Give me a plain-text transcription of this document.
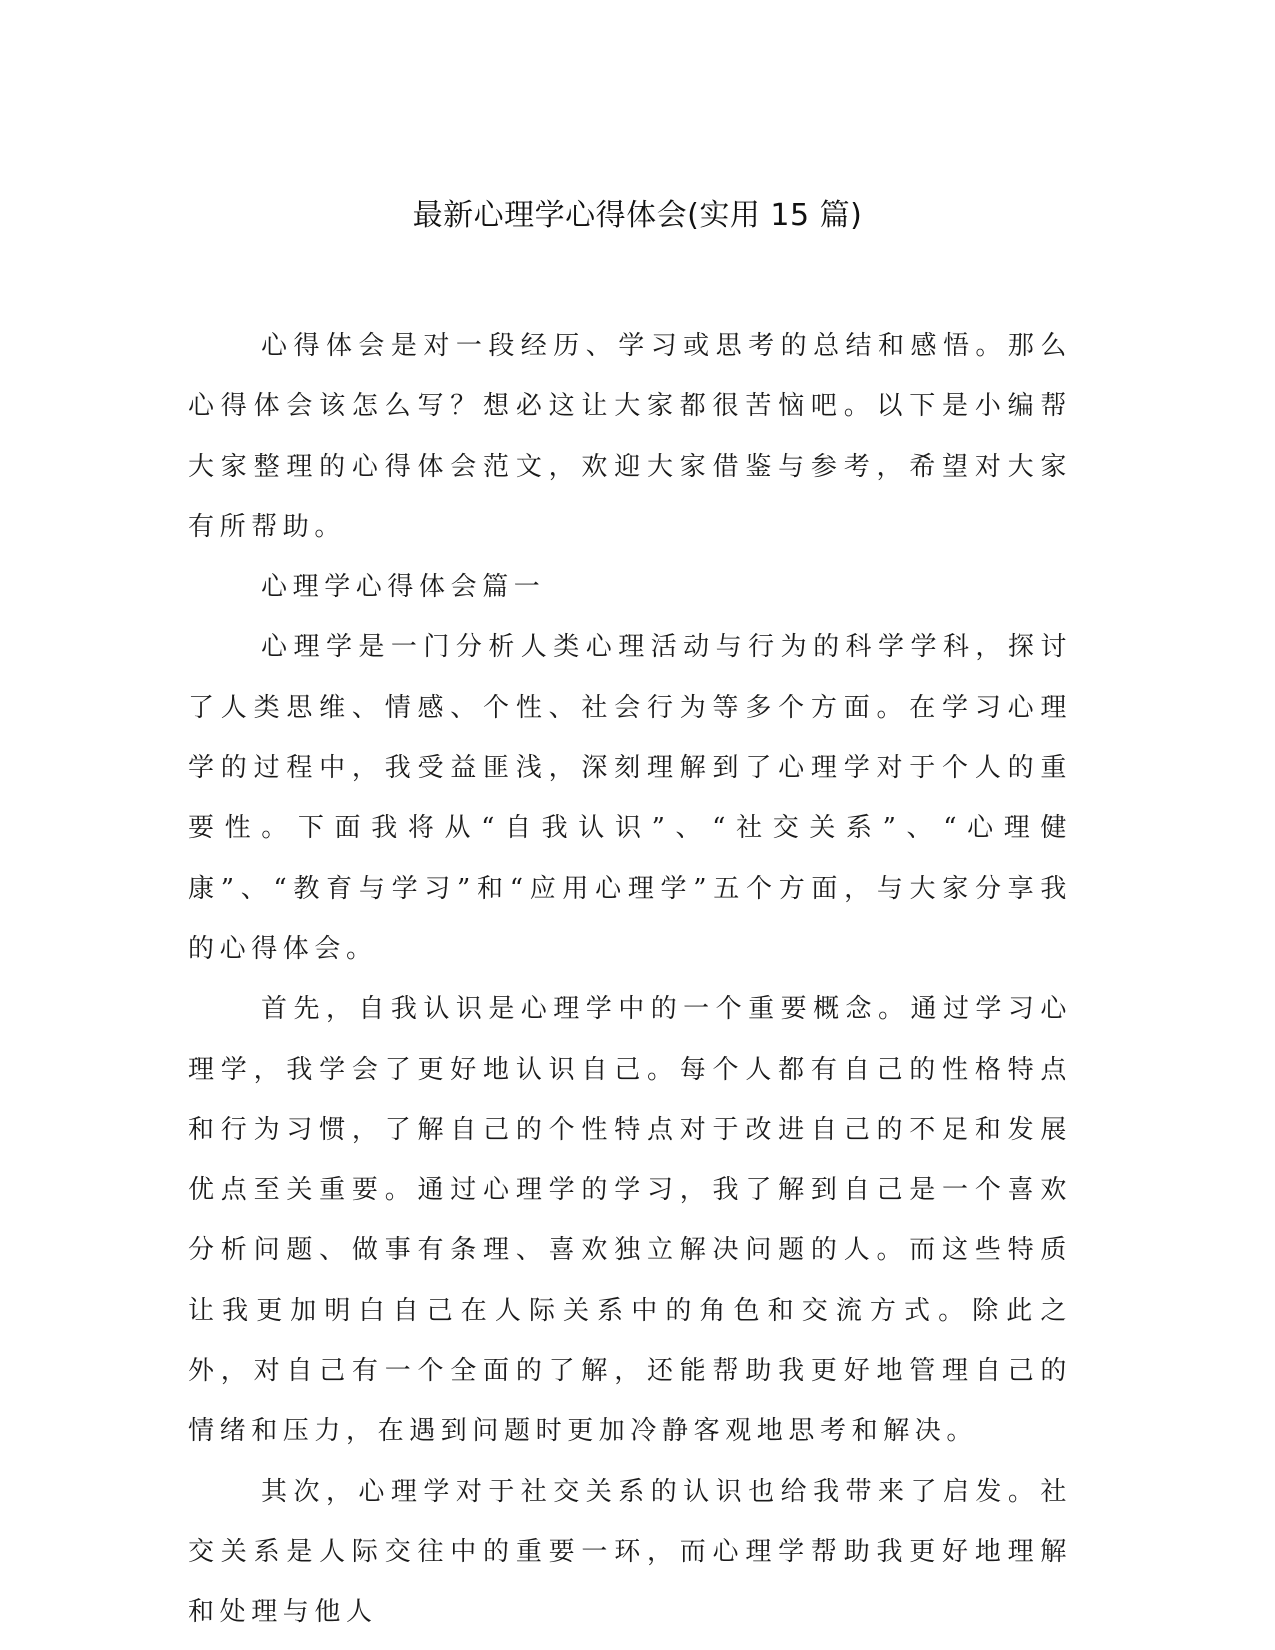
最新心理学心得体会(实用 15 篇)

心得体会是对一段经历、学习或思考的总结和感悟。那么心得体会该怎么写？想必这让大家都很苦恼吧。以下是小编帮大家整理的心得体会范文，欢迎大家借鉴与参考，希望对大家有所帮助。

心理学心得体会篇一

心理学是一门分析人类心理活动与行为的科学学科，探讨了人类思维、情感、个性、社会行为等多个方面。在学习心理学的过程中，我受益匪浅，深刻理解到了心理学对于个人的重要性。下面我将从“自我认识”、“社交关系”、“心理健康”、“教育与学习”和“应用心理学”五个方面，与大家分享我的心得体会。

首先，自我认识是心理学中的一个重要概念。通过学习心理学，我学会了更好地认识自己。每个人都有自己的性格特点和行为习惯，了解自己的个性特点对于改进自己的不足和发展优点至关重要。通过心理学的学习，我了解到自己是一个喜欢分析问题、做事有条理、喜欢独立解决问题的人。而这些特质让我更加明白自己在人际关系中的角色和交流方式。除此之外，对自己有一个全面的了解，还能帮助我更好地管理自己的情绪和压力，在遇到问题时更加冷静客观地思考和解决。

其次，心理学对于社交关系的认识也给我带来了启发。社交关系是人际交往中的重要一环，而心理学帮助我更好地理解和处理与他人
